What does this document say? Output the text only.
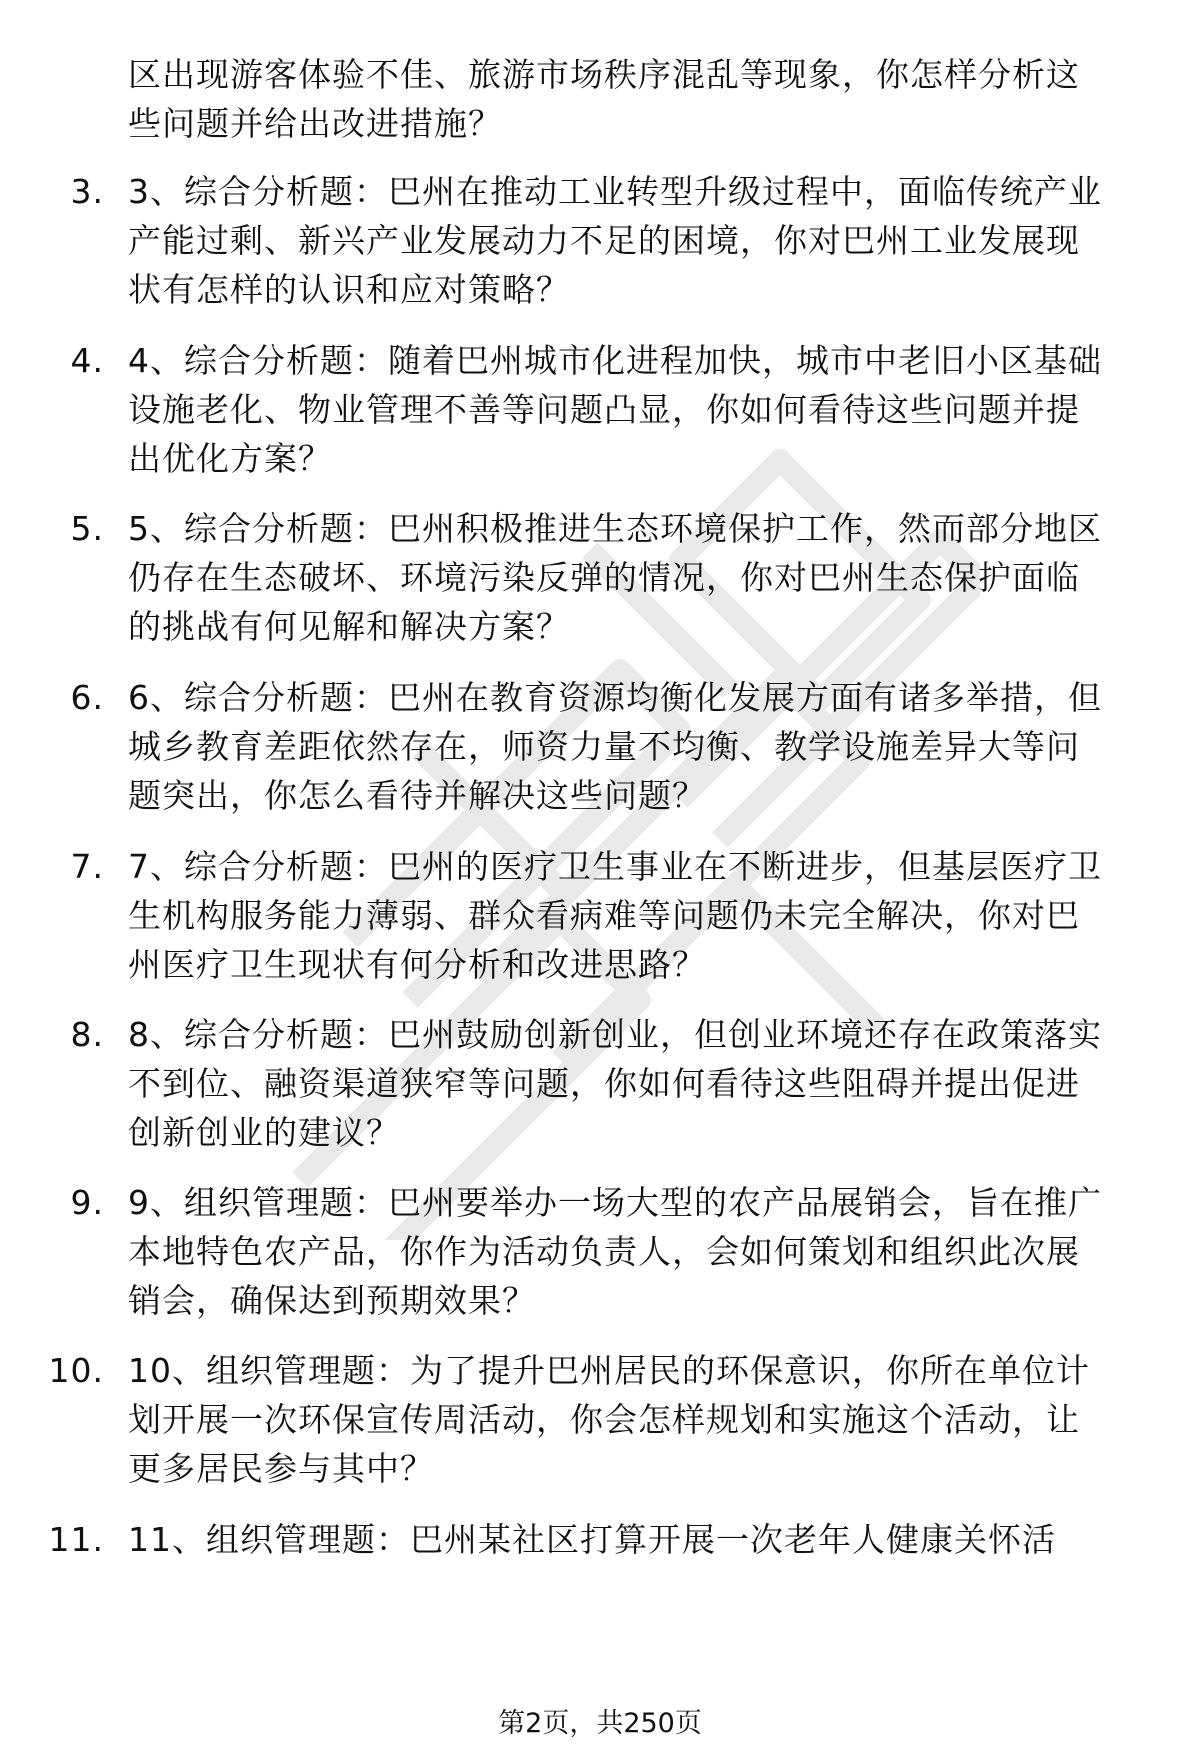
区出现游客体验不佳、旅游市场秩序混乱等现象，你怎样分析这
些问题并给出改进措施？
3. 3、综合分析题：巴州在推动工业转型升级过程中，面临传统产业
产能过剩、新兴产业发展动力不足的困境，你对巴州工业发展现
状有怎样的认识和应对策略？
4. 4、综合分析题：随着巴州城市化进程加快，城市中老旧小区基础
设施老化、物业管理不善等问题凸显，你如何看待这些问题并提
出优化方案？
5. 5、综合分析题：巴州积极推进生态环境保护工作，然而部分地区
仍存在生态破坏、环境污染反弹的情况，你对巴州生态保护面临
的挑战有何见解和解决方案？
6. 6、综合分析题：巴州在教育资源均衡化发展方面有诸多举措，但
城乡教育差距依然存在，师资力量不均衡、教学设施差异大等问
题突出，你怎么看待并解决这些问题？
7. 7、综合分析题：巴州的医疗卫生事业在不断进步，但基层医疗卫
生机构服务能力薄弱、群众看病难等问题仍未完全解决，你对巴
州医疗卫生现状有何分析和改进思路？
8. 8、综合分析题：巴州鼓励创新创业，但创业环境还存在政策落实
不到位、融资渠道狭窄等问题，你如何看待这些阻碍并提出促进
创新创业的建议？
9. 9、组织管理题：巴州要举办一场大型的农产品展销会，旨在推广
本地特色农产品，你作为活动负责人，会如何策划和组织此次展
销会，确保达到预期效果？
10. 10、组织管理题：为了提升巴州居民的环保意识，你所在单位计
划开展一次环保宣传周活动，你会怎样规划和实施这个活动，让
更多居民参与其中？
11. 11、组织管理题：巴州某社区打算开展一次老年人健康关怀活
第2页，共250页
